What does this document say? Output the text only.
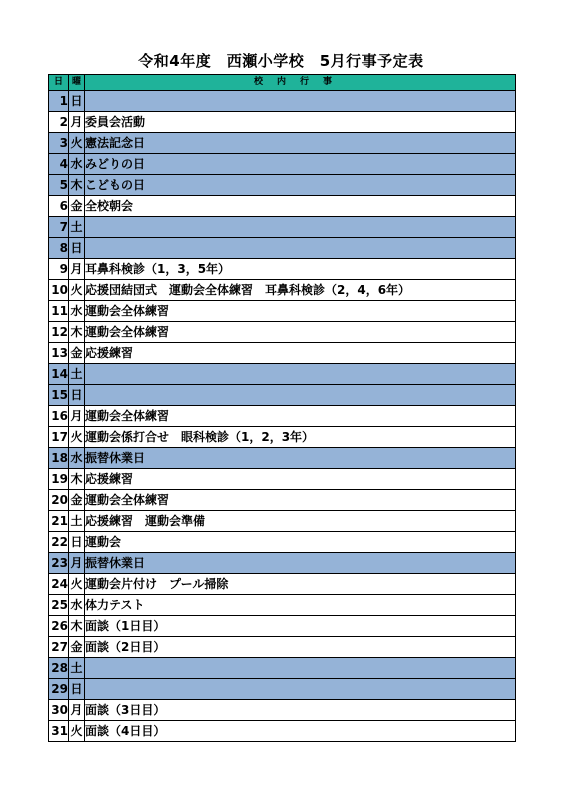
令和4年度　西瀬小学校　5月行事予定表
日	曜	校内行事
1	日	
2	月	委員会活動
3	火	憲法記念日
4	水	みどりの日
5	木	こどもの日
6	金	全校朝会
7	土	
8	日	
9	月	耳鼻科検診（1，3，5年）
10	火	応援団結団式　運動会全体練習　耳鼻科検診（2，4，6年）
11	水	運動会全体練習
12	木	運動会全体練習
13	金	応援練習
14	土	
15	日	
16	月	運動会全体練習
17	火	運動会係打合せ　眼科検診（1，2，3年）
18	水	振替休業日
19	木	応援練習
20	金	運動会全体練習
21	土	応援練習　運動会準備
22	日	運動会
23	月	振替休業日
24	火	運動会片付け　プール掃除
25	水	体力テスト
26	木	面談（1日目）
27	金	面談（2日目）
28	土	
29	日	
30	月	面談（3日目）
31	火	面談（4日目）
